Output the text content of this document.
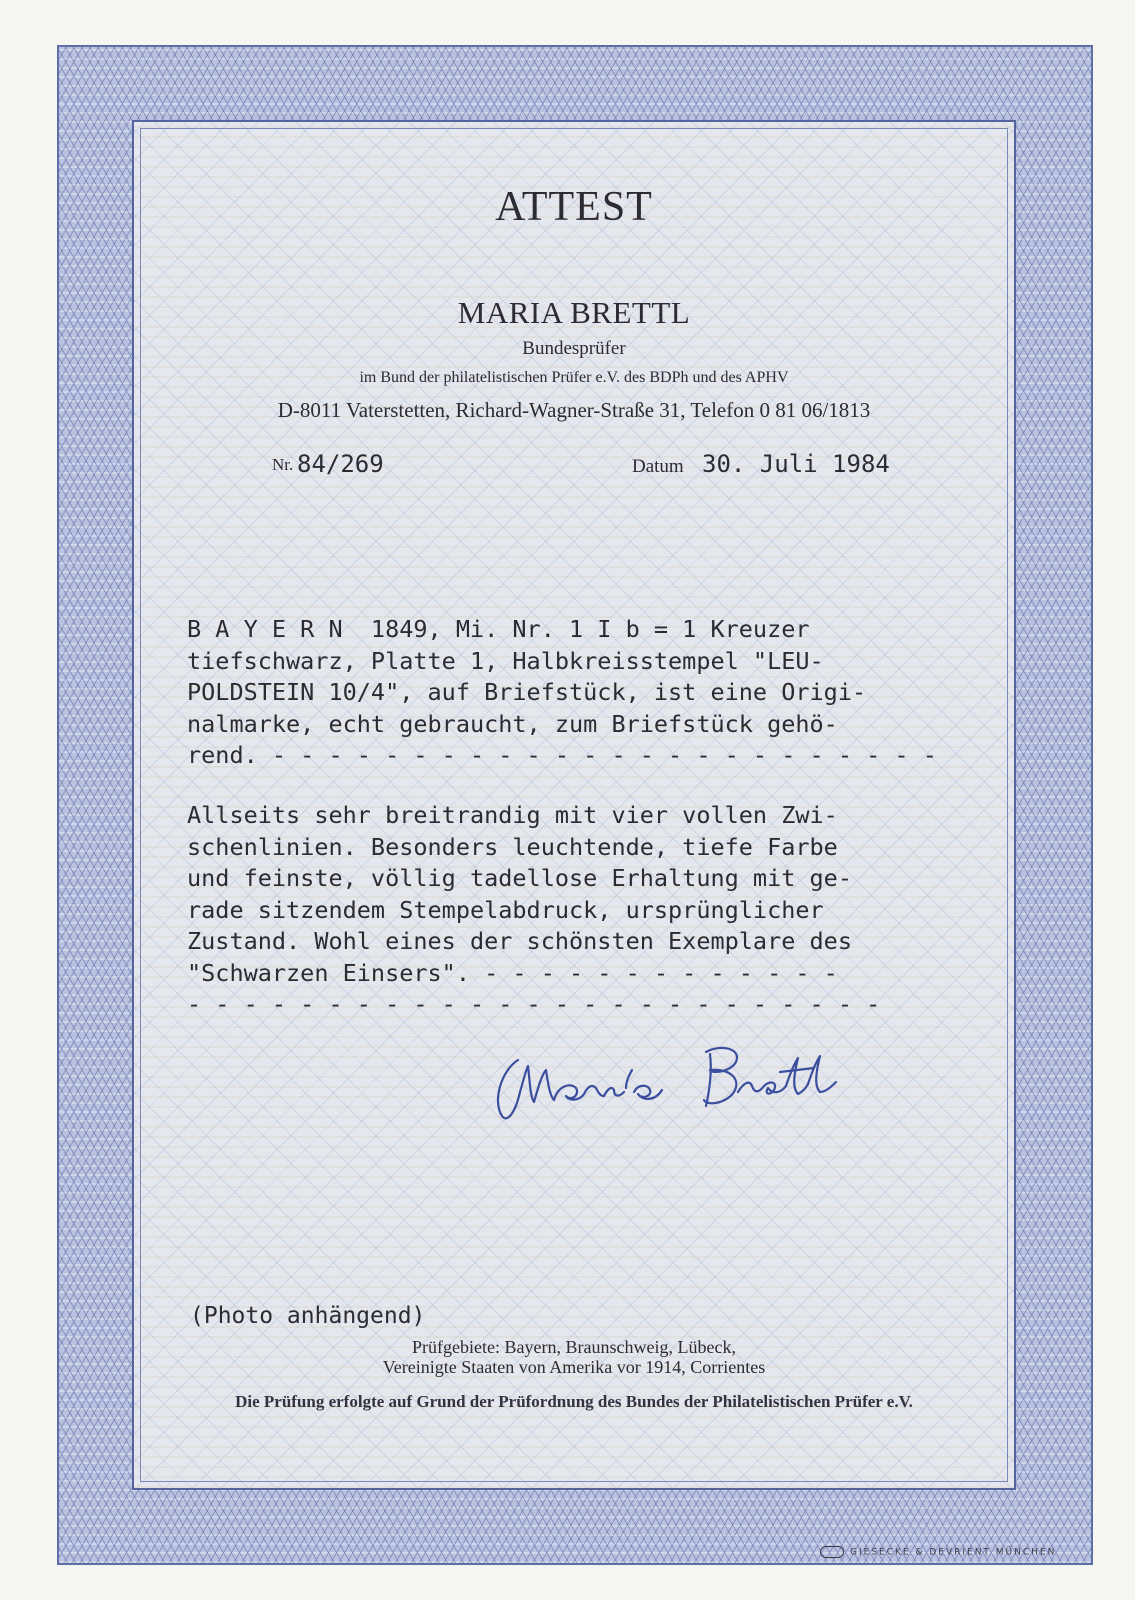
ATTEST
MARIA BRETTL
Bundesprüfer
im Bund der philatelistischen Prüfer e.V. des BDPh und des APHV
D-8011 Vaterstetten, Richard-Wagner-Straße 31, Telefon 0 81 06/1813
Nr. 84/269	Datum 30. Juli 1984
B A Y E R N  1849, Mi. Nr. 1 I b = 1 Kreuzer
tiefschwarz, Platte 1, Halbkreisstempel "LEU-
POLDSTEIN 10/4", auf Briefstück, ist eine Origi-
nalmarke, echt gebraucht, zum Briefstück gehö-
rend. - - - - - - - - - - - - - - - - - - - - - - - -
Allseits sehr breitrandig mit vier vollen Zwi-
schenlinien. Besonders leuchtende, tiefe Farbe
und feinste, völlig tadellose Erhaltung mit ge-
rade sitzendem Stempelabdruck, ursprünglicher
Zustand. Wohl eines der schönsten Exemplare des
"Schwarzen Einsers". - - - - - - - - - - - - -
- - - - - - - - - - - - - - - - - - - - - - - - -
(Photo anhängend)
Prüfgebiete: Bayern, Braunschweig, Lübeck,
Vereinigte Staaten von Amerika vor 1914, Corrientes
Die Prüfung erfolgte auf Grund der Prüfordnung des Bundes der Philatelistischen Prüfer e.V.
GIESECKE & DEVRIENT MÜNCHEN
